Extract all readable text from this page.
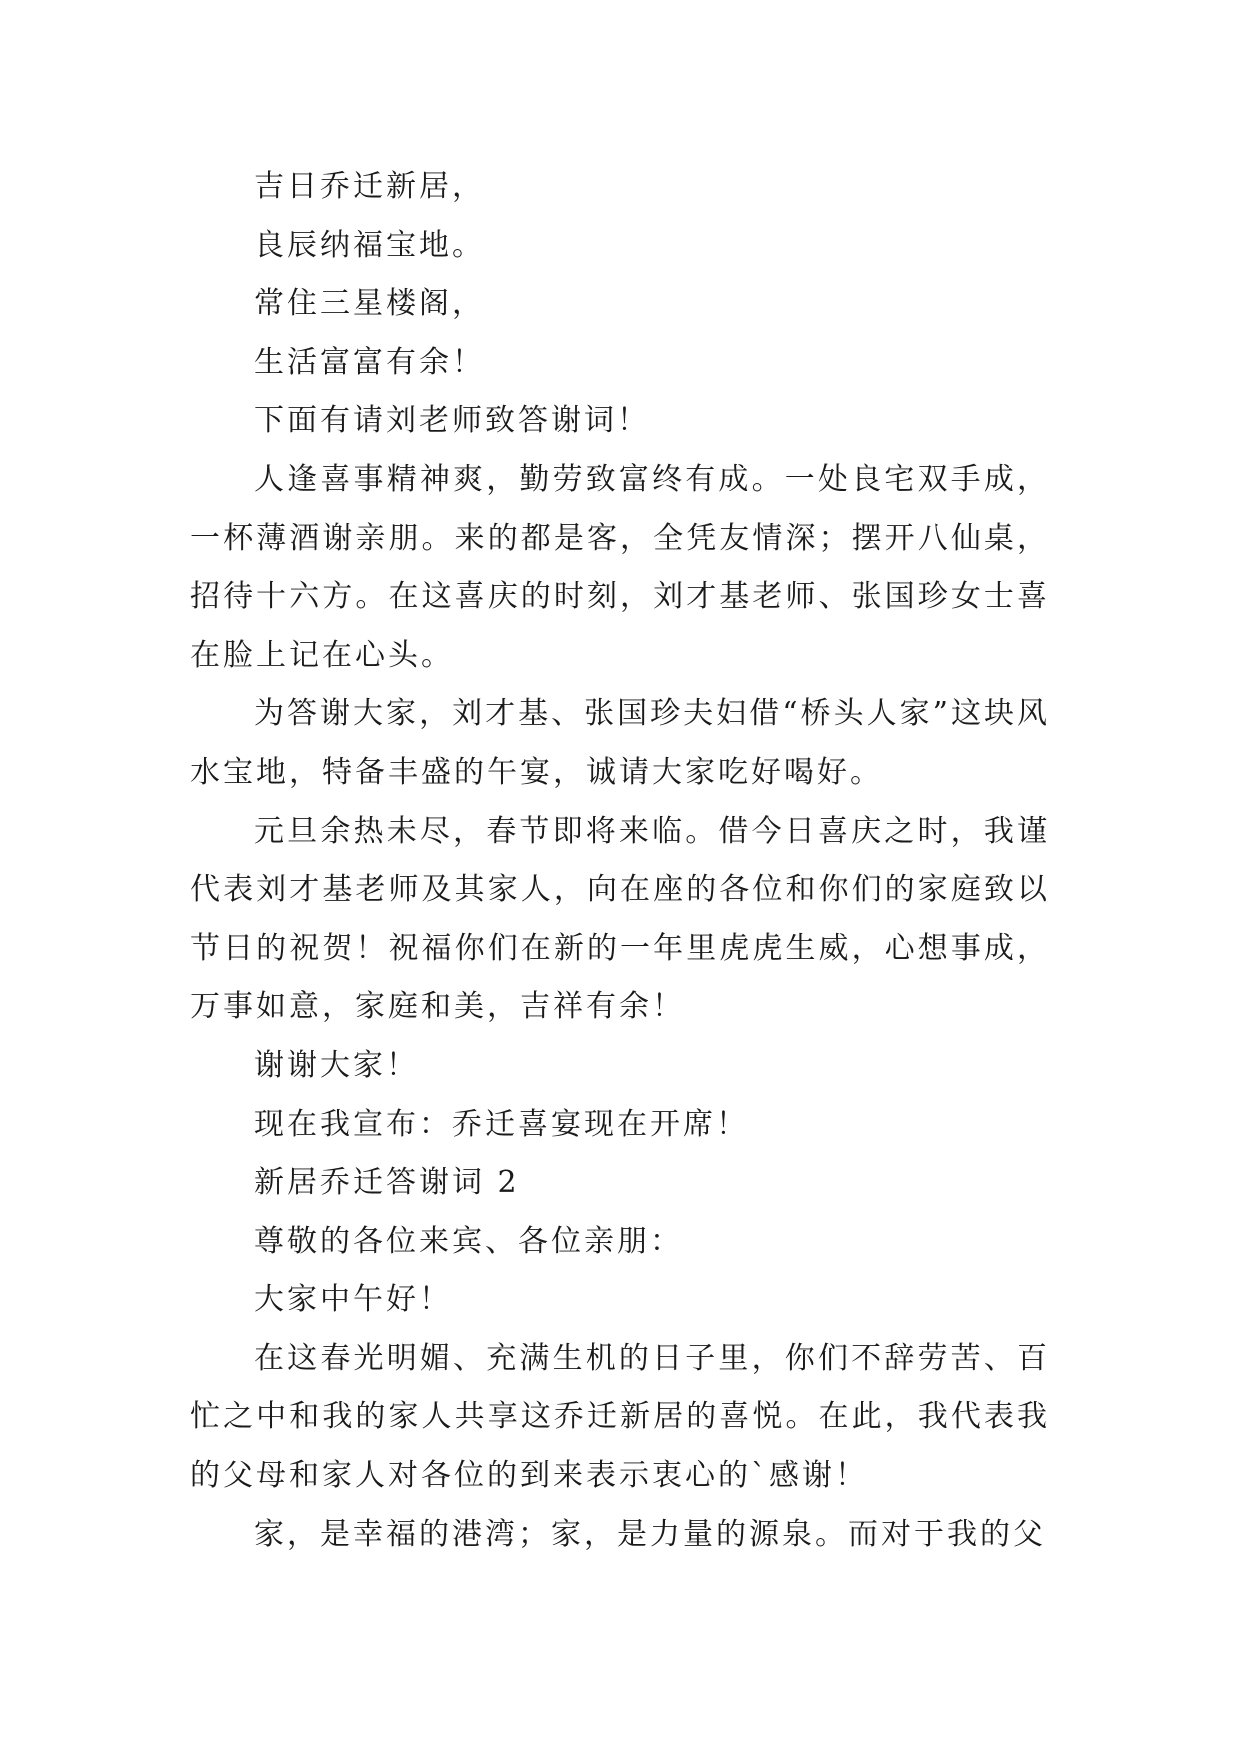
吉日乔迁新居，

良辰纳福宝地。

常住三星楼阁，

生活富富有余！

下面有请刘老师致答谢词！

人逢喜事精神爽，勤劳致富终有成。一处良宅双手成，一杯薄酒谢亲朋。来的都是客，全凭友情深；摆开八仙桌，招待十六方。在这喜庆的时刻，刘才基老师、张国珍女士喜在脸上记在心头。

为答谢大家，刘才基、张国珍夫妇借“桥头人家”这块风水宝地，特备丰盛的午宴，诚请大家吃好喝好。

元旦余热未尽，春节即将来临。借今日喜庆之时，我谨代表刘才基老师及其家人，向在座的各位和你们的家庭致以节日的祝贺！祝福你们在新的一年里虎虎生威，心想事成，万事如意，家庭和美，吉祥有余！

谢谢大家！

现在我宣布：乔迁喜宴现在开席！

新居乔迁答谢词 2

尊敬的各位来宾、各位亲朋：

大家中午好！

在这春光明媚、充满生机的日子里，你们不辞劳苦、百忙之中和我的家人共享这乔迁新居的喜悦。在此，我代表我的父母和家人对各位的到来表示衷心的`感谢！

家，是幸福的港湾；家，是力量的源泉。而对于我的父
